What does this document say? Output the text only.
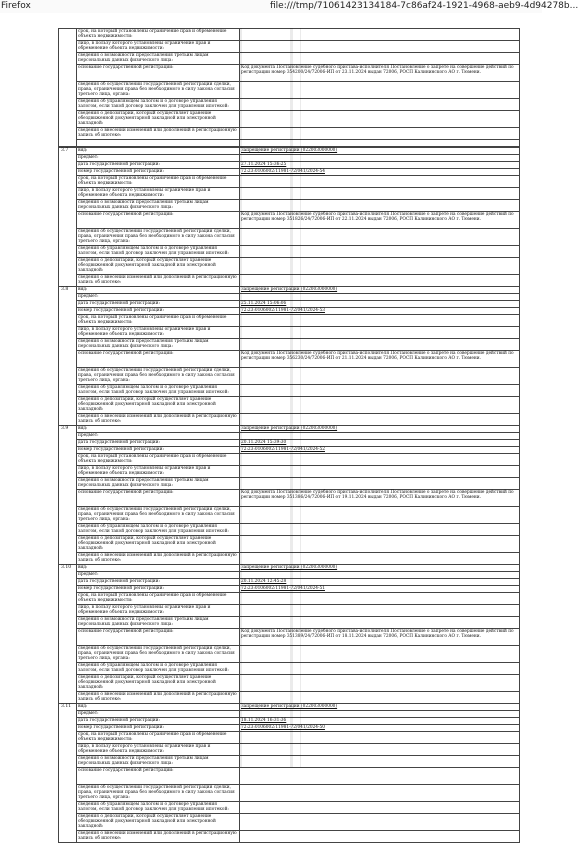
Firefox	file:///tmp/71061423134184-7c86af24-1921-4968-aeb9-4d94278b...
	срок, на который установлены ограничение прав и обременение объекта недвижимости:	
	лицо, в пользу которого установлены ограничение прав и обременение объекта недвижимости:	
	сведения о возможности предоставления третьим лицам персональных данных физического лица:	
	основание государственной регистрации:	Код документа Постановление судебного пристава-исполнителя Постановление о запрете на совершение действий по регистрации номер 354200/24/72006-ИП от 23.11.2024 выдан 72006, РОСП Калининского АО г. Тюмени.
	сведения об осуществлении государственной регистрации сделки, права, ограничения права без необходимого в силу закона согласия третьего лица, органа:	
	сведения об управляющем залогом и о договоре управления залогом, если такой договор заключен для управления ипотекой:	
	сведения о депозитарии, который осуществляет хранение обездвиженной документарной закладной или электронной закладной:	
	сведения о внесении изменений или дополнений в регистрационную запись об ипотеке:	

3.7	вид:	Запрещение регистрации (022003000000)
	предмет:	
	дата государственной регистрации:	27.11.2024 15:36:25
	номер государственной регистрации:	72:23:0106002:11981-72/041/2024-54
	срок, на который установлены ограничение прав и обременение объекта недвижимости:	
	лицо, в пользу которого установлены ограничение прав и обременение объекта недвижимости:	
	сведения о возможности предоставления третьим лицам персональных данных физического лица:	
	основание государственной регистрации:	Код документа Постановление судебного пристава-исполнителя Постановление о запрете на совершение действий по регистрации номер 351826/24/72006-ИП от 22.11.2024 выдан 72006, РОСП Калининского АО г. Тюмени.
	сведения об осуществлении государственной регистрации сделки, права, ограничения права без необходимого в силу закона согласия третьего лица, органа:	
	сведения об управляющем залогом и о договоре управления залогом, если такой договор заключен для управления ипотекой:	
	сведения о депозитарии, который осуществляет хранение обездвиженной документарной закладной или электронной закладной:	
	сведения о внесении изменений или дополнений в регистрационную запись об ипотеке:	
3.8	вид:	Запрещение регистрации (022003000000)
	предмет:	
	дата государственной регистрации:	25.11.2024 15:06:06
	номер государственной регистрации:	72:23:0106002:11981-72/041/2024-53
	срок, на который установлены ограничение прав и обременение объекта недвижимости:	
	лицо, в пользу которого установлены ограничение прав и обременение объекта недвижимости:	
	сведения о возможности предоставления третьим лицам персональных данных физического лица:	
	основание государственной регистрации:	Код документа Постановление судебного пристава-исполнителя Постановление о запрете на совершение действий по регистрации номер 356230/24/72006-ИП от 21.11.2024 выдан 72006, РОСП Калининского АО г. Тюмени.
	сведения об осуществлении государственной регистрации сделки, права, ограничения права без необходимого в силу закона согласия третьего лица, органа:	
	сведения об управляющем залогом и о договоре управления залогом, если такой договор заключен для управления ипотекой:	
	сведения о депозитарии, который осуществляет хранение обездвиженной документарной закладной или электронной закладной:	
	сведения о внесении изменений или дополнений в регистрационную запись об ипотеке:	
3.9	вид:	Запрещение регистрации (022003000000)
	предмет:	
	дата государственной регистрации:	20.11.2024 15:39:30
	номер государственной регистрации:	72:23:0106002:11981-72/041/2024-52
	срок, на который установлены ограничение прав и обременение объекта недвижимости:	
	лицо, в пользу которого установлены ограничение прав и обременение объекта недвижимости:	
	сведения о возможности предоставления третьим лицам персональных данных физического лица:	
	основание государственной регистрации:	Код документа Постановление судебного пристава-исполнителя Постановление о запрете на совершение действий по регистрации номер 351386/24/72006-ИП от 19.11.2024 выдан 72006, РОСП Калининского АО г. Тюмени.
	сведения об осуществлении государственной регистрации сделки, права, ограничения права без необходимого в силу закона согласия третьего лица, органа:	
	сведения об управляющем залогом и о договоре управления залогом, если такой договор заключен для управления ипотекой:	
	сведения о депозитарии, который осуществляет хранение обездвиженной документарной закладной или электронной закладной:	
	сведения о внесении изменений или дополнений в регистрационную запись об ипотеке:	
3.10	вид:	Запрещение регистрации (022003000000)
	предмет:	
	дата государственной регистрации:	20.11.2024 12:45:28
	номер государственной регистрации:	72:23:0106002:11981-72/041/2024-51
	срок, на который установлены ограничение прав и обременение объекта недвижимости:	
	лицо, в пользу которого установлены ограничение прав и обременение объекта недвижимости:	
	сведения о возможности предоставления третьим лицам персональных данных физического лица:	
	основание государственной регистрации:	Код документа Постановление судебного пристава-исполнителя Постановление о запрете на совершение действий по регистрации номер 351389/24/72006-ИП от 18.11.2024 выдан 72006, РОСП Калининского АО г. Тюмени.
	сведения об осуществлении государственной регистрации сделки, права, ограничения права без необходимого в силу закона согласия третьего лица, органа:	
	сведения об управляющем залогом и о договоре управления залогом, если такой договор заключен для управления ипотекой:	
	сведения о депозитарии, который осуществляет хранение обездвиженной документарной закладной или электронной закладной:	
	сведения о внесении изменений или дополнений в регистрационную запись об ипотеке:	
3.11	вид:	Запрещение регистрации (022003000000)
	предмет:	
	дата государственной регистрации:	18.11.2024 16:31:36
	номер государственной регистрации:	72:23:0106002:11981-72/041/2024-50
	срок, на который установлены ограничение прав и обременение объекта недвижимости:	
	лицо, в пользу которого установлены ограничение прав и обременение объекта недвижимости:	
	сведения о возможности предоставления третьим лицам персональных данных физического лица:	
	основание государственной регистрации:	
	сведения об осуществлении государственной регистрации сделки, права, ограничения права без необходимого в силу закона согласия третьего лица, органа:	
	сведения об управляющем залогом и о договоре управления залогом, если такой договор заключен для управления ипотекой:	
	сведения о депозитарии, который осуществляет хранение обездвиженной документарной закладной или электронной закладной:	
	сведения о внесении изменений или дополнений в регистрационную запись об ипотеке:	
